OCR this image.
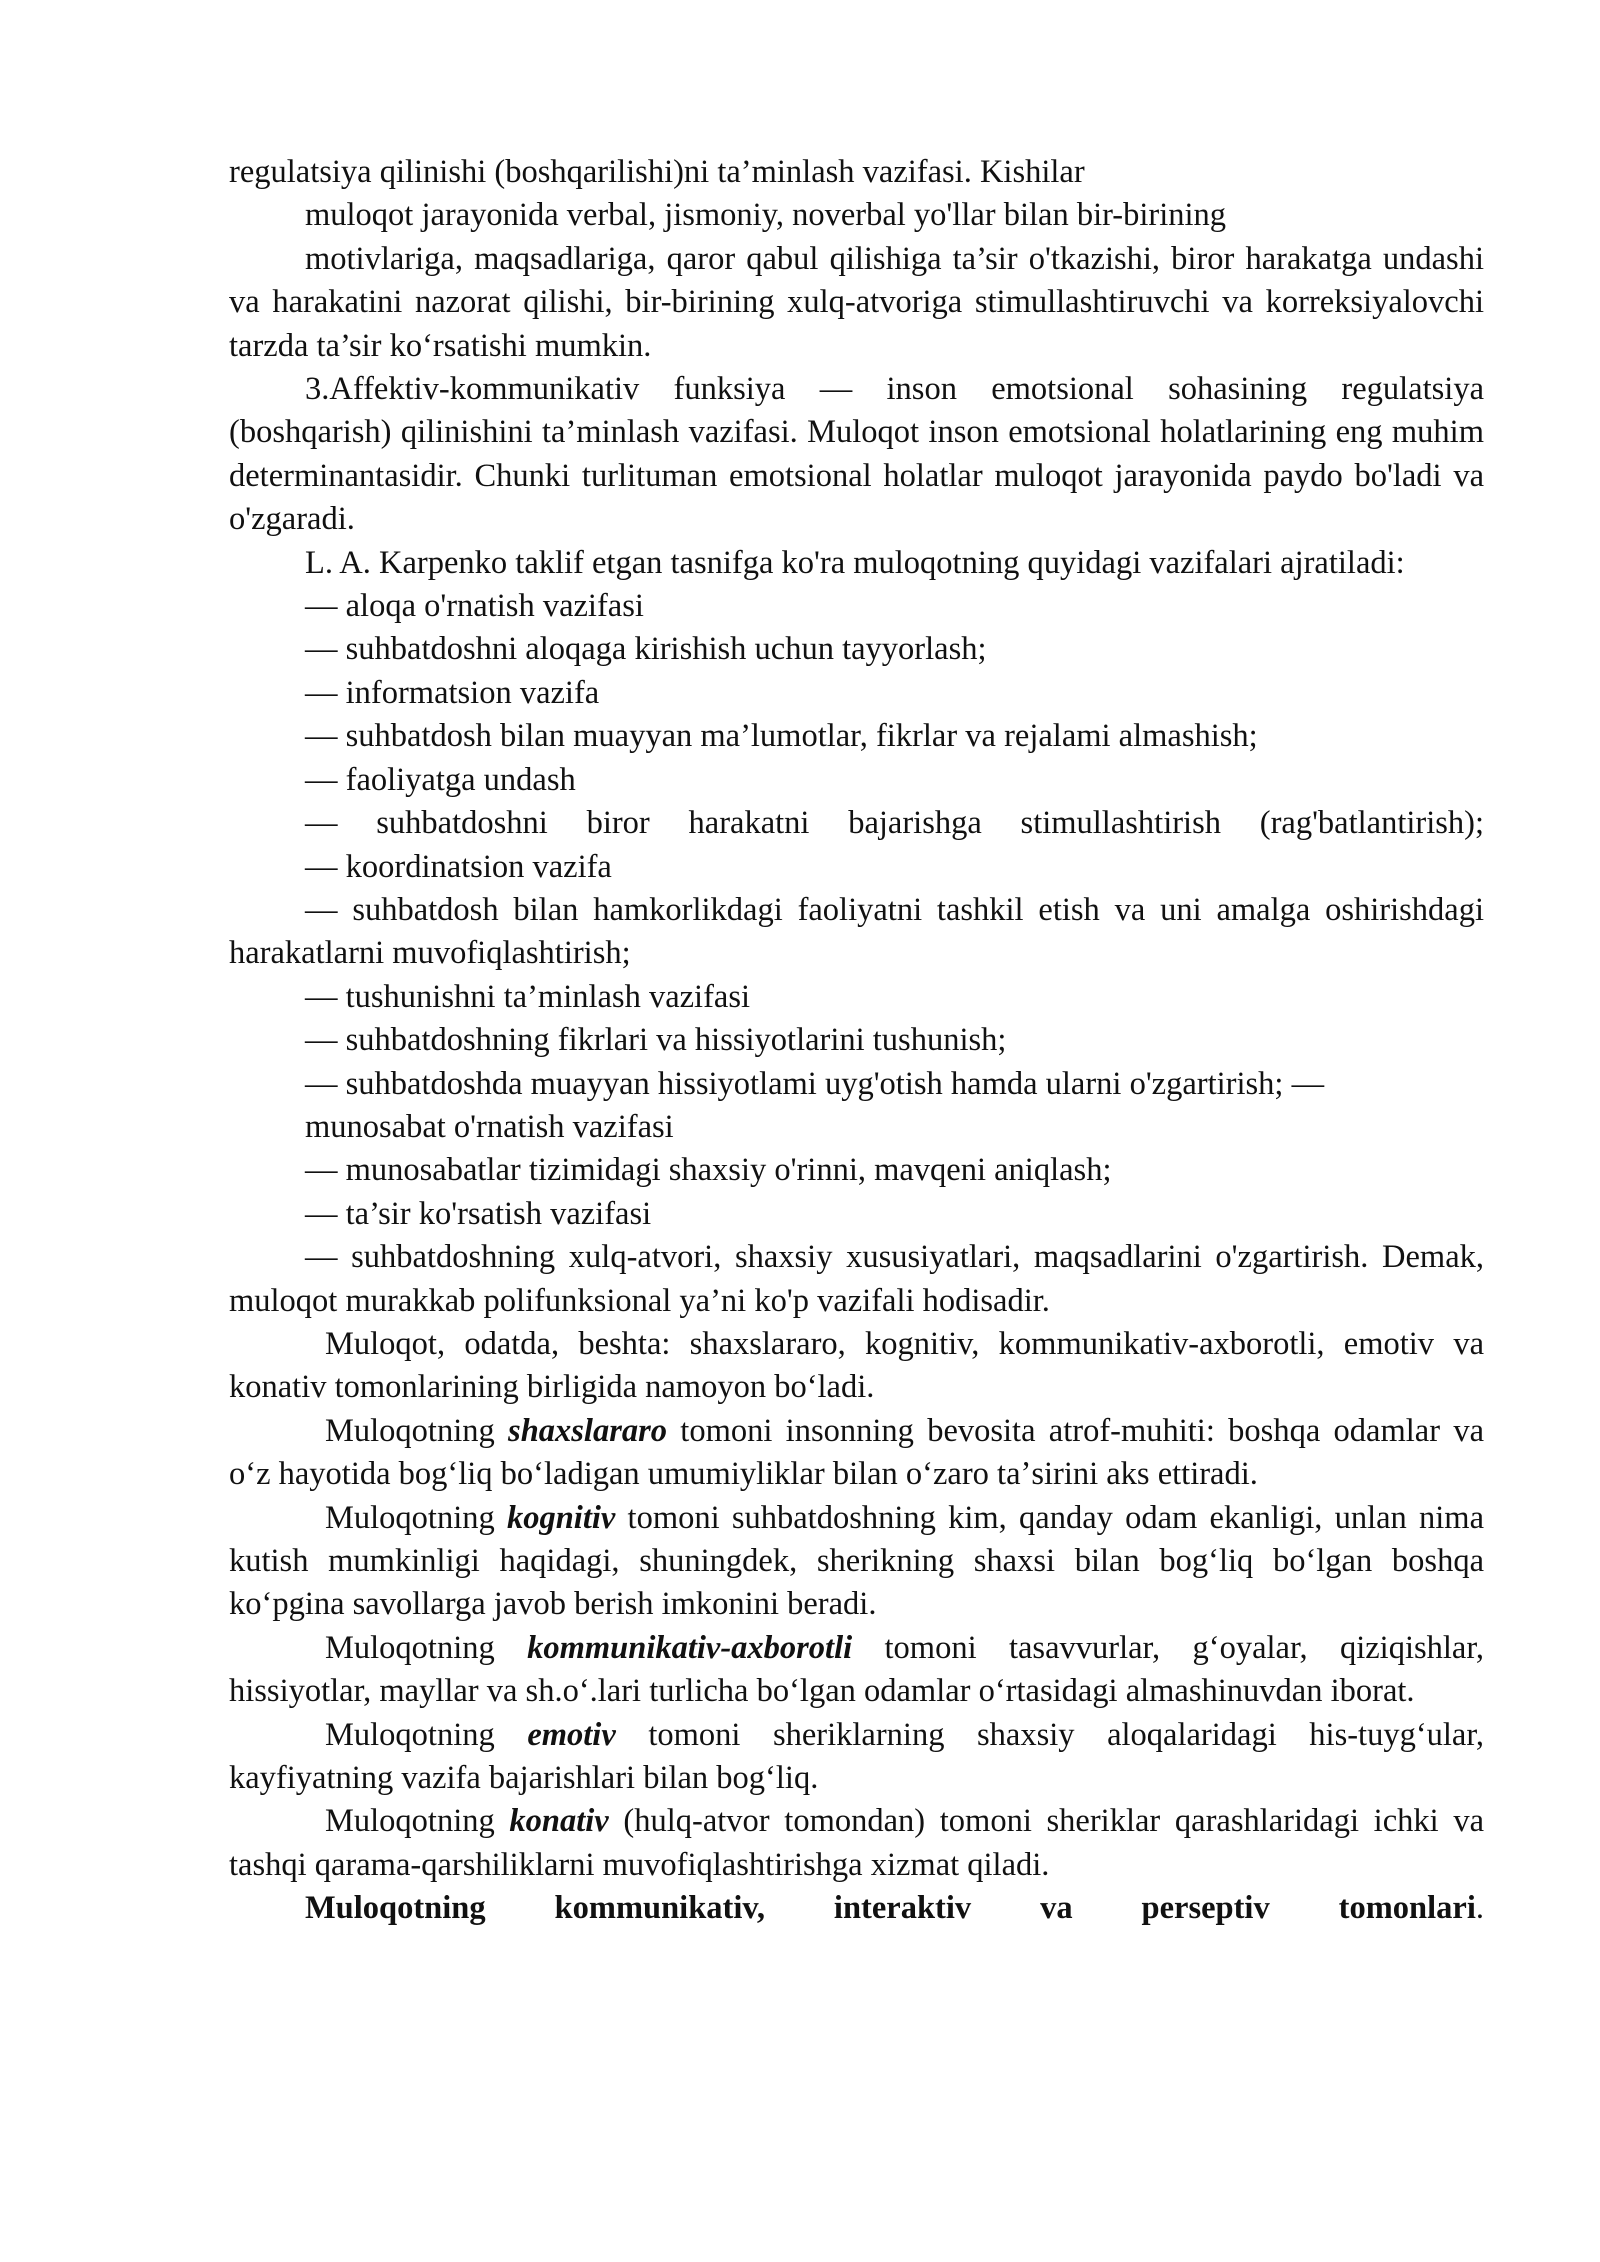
regulatsiya qilinishi (boshqarilishi)ni ta’minlash vazifasi. Kishilar

muloqot jarayonida verbal, jismoniy, noverbal yo'llar bilan bir-birining

motivlariga, maqsadlariga, qaror qabul qilishiga ta’sir o'tkazishi, biror harakatga undashi va harakatini nazorat qilishi, bir-birining xulq-atvoriga stimullashtiruvchi va korreksiyalovchi tarzda ta’sir koʻrsatishi mumkin.

3.Affektiv-kommunikativ funksiya — inson emotsional sohasining regulatsiya (boshqarish) qilinishini ta’minlash vazifasi. Muloqot inson emotsional holatlarining eng muhim determinantasidir. Chunki turlituman emotsional holatlar muloqot jarayonida paydo bo'ladi va o'zgaradi.

L. A. Karpenko taklif etgan tasnifga ko'ra muloqotning quyidagi vazifalari ajratiladi:

— aloqa o'rnatish vazifasi

— suhbatdoshni aloqaga kirishish uchun tayyorlash;

— informatsion vazifa

— suhbatdosh bilan muayyan ma’lumotlar, fikrlar va rejalami almashish;

— faoliyatga undash

— suhbatdoshni biror harakatni bajarishga stimullashtirish (rag'batlantirish);

— koordinatsion vazifa

— suhbatdosh bilan hamkorlikdagi faoliyatni tashkil etish va uni amalga oshirishdagi harakatlarni muvofiqlashtirish;

— tushunishni ta’minlash vazifasi

— suhbatdoshning fikrlari va hissiyotlarini tushunish;

— suhbatdoshda muayyan hissiyotlami uyg'otish hamda ularni o'zgartirish; —

munosabat o'rnatish vazifasi

— munosabatlar tizimidagi shaxsiy o'rinni, mavqeni aniqlash;

— ta’sir ko'rsatish vazifasi

— suhbatdoshning xulq-atvori, shaxsiy xususiyatlari, maqsadlarini o'zgartirish. Demak, muloqot murakkab polifunksional ya’ni ko'p vazifali hodisadir.

Muloqot, odatda, beshta: shaxslararo, kognitiv, kommunikativ-axborotli, emotiv va konativ tomonlarining birligida namoyon boʻladi.

Muloqotning shaxslararo tomoni insonning bevosita atrof-muhiti: boshqa odamlar va oʻz hayotida bogʻliq boʻladigan umumiyliklar bilan oʻzaro taʼsirini aks ettiradi.

Muloqotning kognitiv tomoni suhbatdoshning kim, qanday odam ekanligi, unlan nima kutish mumkinligi haqidagi, shuningdek, sherikning shaxsi bilan bogʻliq boʻlgan boshqa koʻpgina savollarga javob berish imkonini beradi.

Muloqotning kommunikativ-axborotli tomoni tasavvurlar, gʻoyalar, qiziqishlar, hissiyotlar, mayllar va sh.oʻ.lari turlicha boʻlgan odamlar oʻrtasidagi almashinuvdan iborat.

Muloqotning emotiv tomoni sheriklarning shaxsiy aloqalaridagi his-tuygʻular, kayfiyatning vazifa bajarishlari bilan bogʻliq.

Muloqotning konativ (hulq-atvor tomondan) tomoni sheriklar qarashlaridagi ichki va tashqi qarama-qarshiliklarni muvofiqlashtirishga xizmat qiladi.

Muloqotning kommunikativ, interaktiv va perseptiv tomonlari.
